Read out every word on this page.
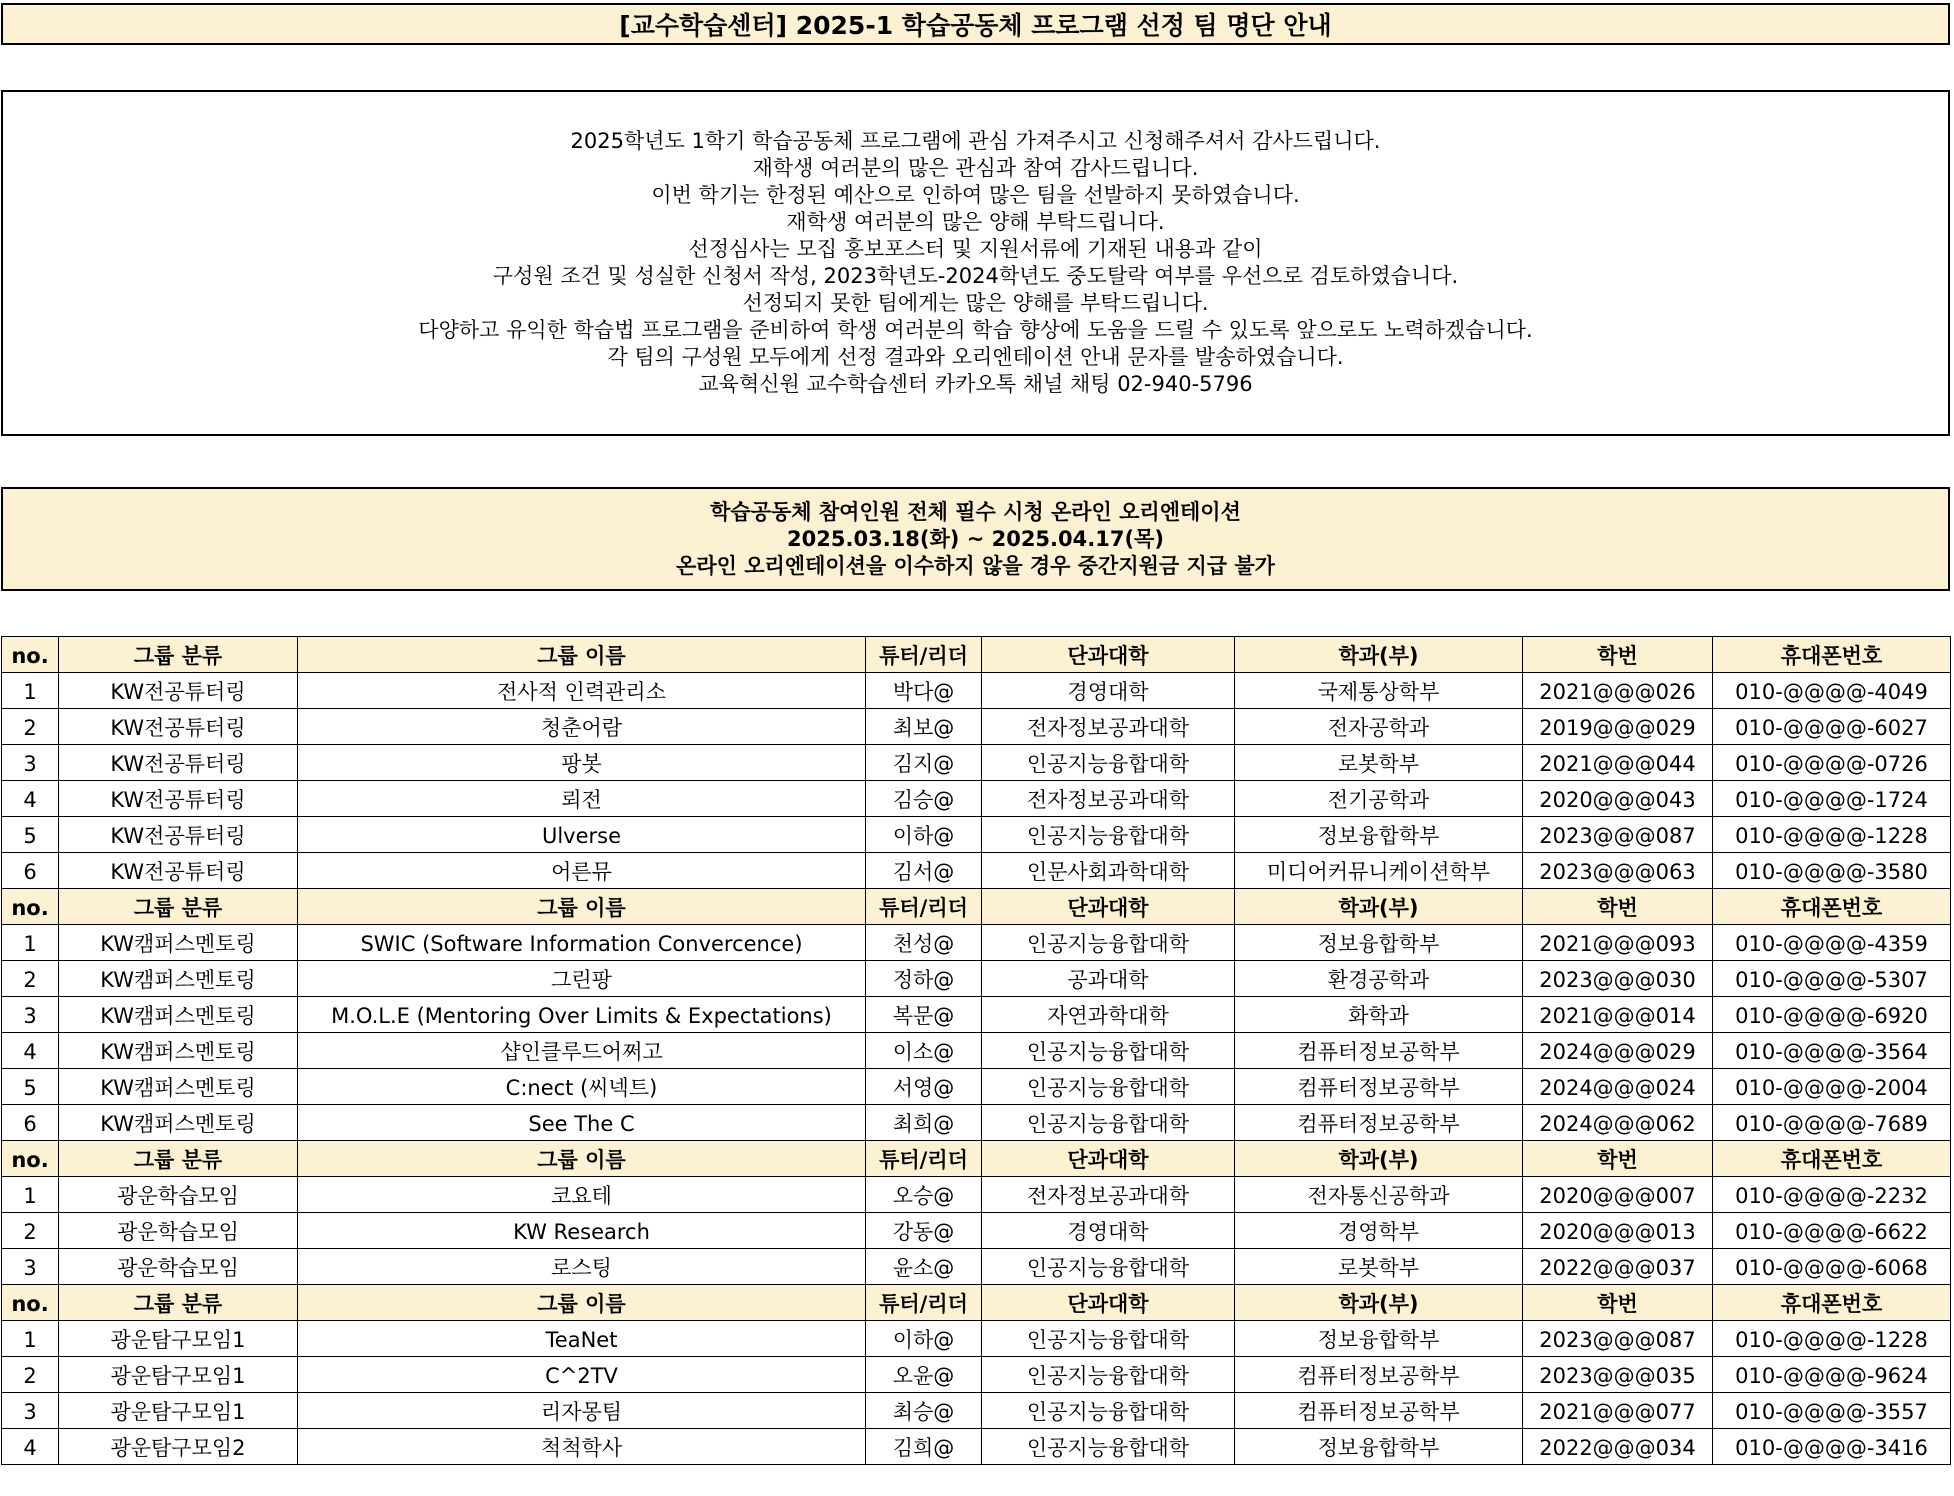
[교수학습센터] 2025-1 학습공동체 프로그램 선정 팀 명단 안내
2025학년도 1학기 학습공동체 프로그램에 관심 가져주시고 신청해주셔서 감사드립니다.
재학생 여러분의 많은 관심과 참여 감사드립니다.
이번 학기는 한정된 예산으로 인하여 많은 팀을 선발하지 못하였습니다.
재학생 여러분의 많은 양해 부탁드립니다.
선정심사는 모집 홍보포스터 및 지원서류에 기재된 내용과 같이
구성원 조건 및 성실한 신청서 작성, 2023학년도-2024학년도 중도탈락 여부를 우선으로 검토하였습니다.
선정되지 못한 팀에게는 많은 양해를 부탁드립니다.
다양하고 유익한 학습법 프로그램을 준비하여 학생 여러분의 학습 향상에 도움을 드릴 수 있도록 앞으로도 노력하겠습니다.
각 팀의 구성원 모두에게 선정 결과와 오리엔테이션 안내 문자를 발송하였습니다.
교육혁신원 교수학습센터 카카오톡 채널 채팅 02-940-5796
학습공동체 참여인원 전체 필수 시청 온라인 오리엔테이션
2025.03.18(화) ~ 2025.04.17(목)
온라인 오리엔테이션을 이수하지 않을 경우 중간지원금 지급 불가
no.	그룹 분류	그룹 이름	튜터/리더	단과대학	학과(부)	학번	휴대폰번호
1	KW전공튜터링	전사적 인력관리소	박다@	경영대학	국제통상학부	2021@@@026	010-@@@@-4049
2	KW전공튜터링	청춘어람	최보@	전자정보공과대학	전자공학과	2019@@@029	010-@@@@-6027
3	KW전공튜터링	팡봇	김지@	인공지능융합대학	로봇학부	2021@@@044	010-@@@@-0726
4	KW전공튜터링	뢰전	김승@	전자정보공과대학	전기공학과	2020@@@043	010-@@@@-1724
5	KW전공튜터링	Ulverse	이하@	인공지능융합대학	정보융합학부	2023@@@087	010-@@@@-1228
6	KW전공튜터링	어른뮤	김서@	인문사회과학대학	미디어커뮤니케이션학부	2023@@@063	010-@@@@-3580
no.	그룹 분류	그룹 이름	튜터/리더	단과대학	학과(부)	학번	휴대폰번호
1	KW캠퍼스멘토링	SWIC (Software Information Convercence)	천성@	인공지능융합대학	정보융합학부	2021@@@093	010-@@@@-4359
2	KW캠퍼스멘토링	그린팡	정하@	공과대학	환경공학과	2023@@@030	010-@@@@-5307
3	KW캠퍼스멘토링	M.O.L.E (Mentoring Over Limits & Expectations)	복문@	자연과학대학	화학과	2021@@@014	010-@@@@-6920
4	KW캠퍼스멘토링	샵인클루드어쩌고	이소@	인공지능융합대학	컴퓨터정보공학부	2024@@@029	010-@@@@-3564
5	KW캠퍼스멘토링	C:nect (씨넥트)	서영@	인공지능융합대학	컴퓨터정보공학부	2024@@@024	010-@@@@-2004
6	KW캠퍼스멘토링	See The C	최희@	인공지능융합대학	컴퓨터정보공학부	2024@@@062	010-@@@@-7689
no.	그룹 분류	그룹 이름	튜터/리더	단과대학	학과(부)	학번	휴대폰번호
1	광운학습모임	코요테	오승@	전자정보공과대학	전자통신공학과	2020@@@007	010-@@@@-2232
2	광운학습모임	KW Research	강동@	경영대학	경영학부	2020@@@013	010-@@@@-6622
3	광운학습모임	로스팅	윤소@	인공지능융합대학	로봇학부	2022@@@037	010-@@@@-6068
no.	그룹 분류	그룹 이름	튜터/리더	단과대학	학과(부)	학번	휴대폰번호
1	광운탐구모임1	TeaNet	이하@	인공지능융합대학	정보융합학부	2023@@@087	010-@@@@-1228
2	광운탐구모임1	C^2TV	오윤@	인공지능융합대학	컴퓨터정보공학부	2023@@@035	010-@@@@-9624
3	광운탐구모임1	리자몽팀	최승@	인공지능융합대학	컴퓨터정보공학부	2021@@@077	010-@@@@-3557
4	광운탐구모임2	척척학사	김희@	인공지능융합대학	정보융합학부	2022@@@034	010-@@@@-3416
